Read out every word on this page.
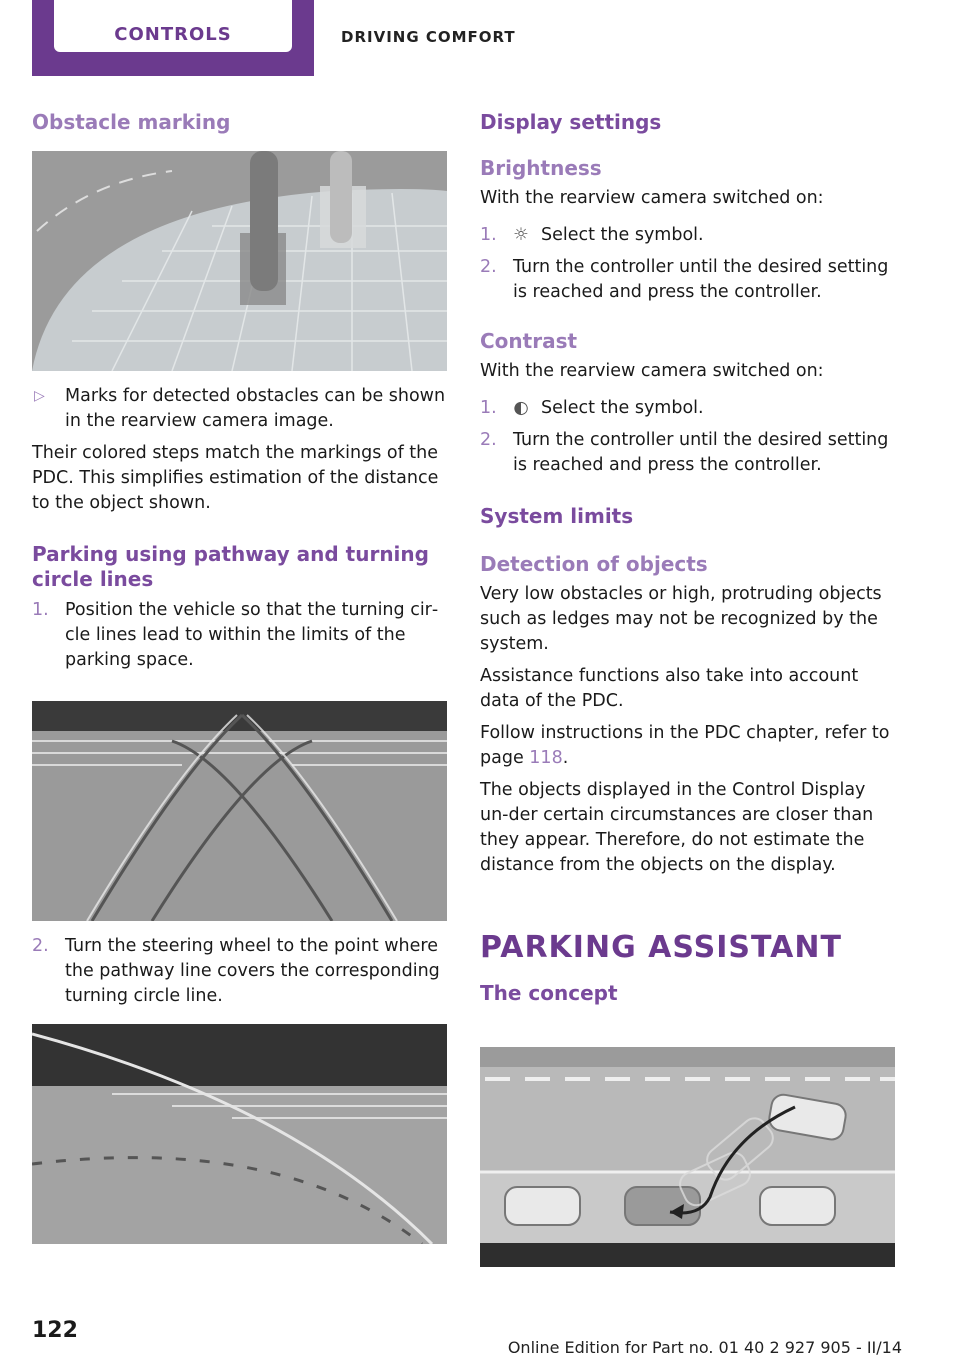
CONTROLS	DRIVING COMFORT
Obstacle marking
▷ Marks for detected obstacles can be shown in the rearview camera image.

Their colored steps match the markings of the PDC. This simplifies estimation of the distance to the object shown.

Parking using pathway and turning circle lines
1. Position the vehicle so that the turning cir‐cle lines lead to within the limits of the parking space.
2. Turn the steering wheel to the point where the pathway line covers the corresponding turning circle line.
Display settings
Brightness

With the rearview camera switched on:

1. ☼ Select the symbol.
2. Turn the controller until the desired setting is reached and press the controller.
Contrast

With the rearview camera switched on:

1. ◐ Select the symbol.
2. Turn the controller until the desired setting is reached and press the controller.
System limits
Detection of objects

Very low obstacles or high, protruding objects such as ledges may not be recognized by the system.

Assistance functions also take into account data of the PDC.

Follow instructions in the PDC chapter, refer to page 118.

The objects displayed in the Control Display un‐der certain circumstances are closer than they appear. Therefore, do not estimate the distance from the objects on the display.

PARKING ASSISTANT
The concept
122
Online Edition for Part no. 01 40 2 927 905 - II/14
